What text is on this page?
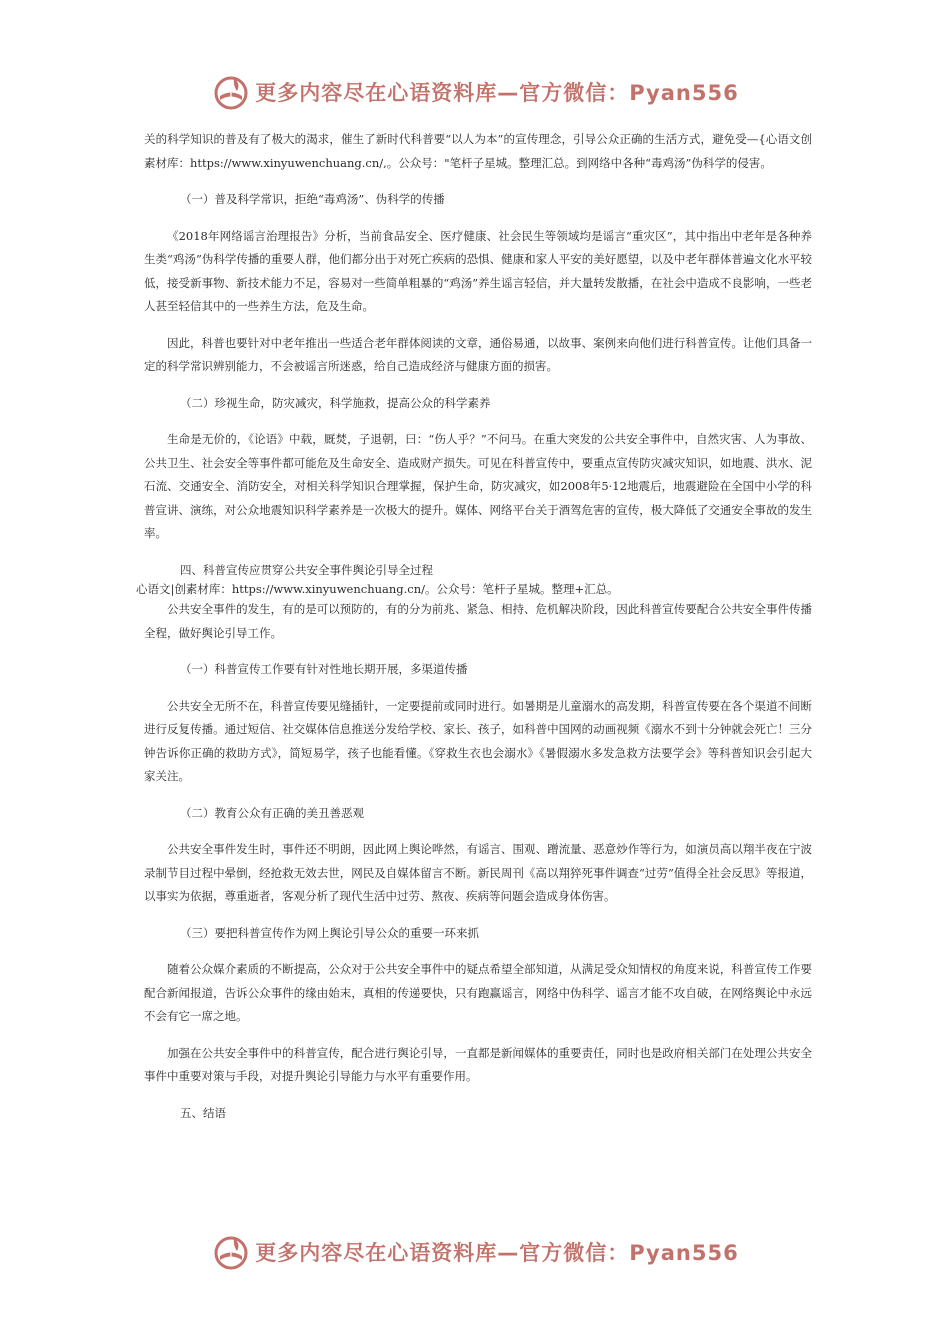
更多内容尽在心语资料库—官方微信：Pyan556

关的科学知识的普及有了极大的渴求，催生了新时代科普要“以人为本”的宣传理念，引导公众正确的生活方式，避免受—{心语文创素材库：https://www.xinyuwenchuang.cn/,。公众号："笔杆子星城。整理汇总。到网络中各种“毒鸡汤”伪科学的侵害。

（一）普及科学常识，拒绝“毒鸡汤”、伪科学的传播

《2018年网络谣言治理报告》分析，当前食品安全、医疗健康、社会民生等领域均是谣言“重灾区”，其中指出中老年是各种养生类“鸡汤”伪科学传播的重要人群，他们都分出于对死亡疾病的恐惧、健康和家人平安的美好愿望，以及中老年群体普遍文化水平较低，接受新事物、新技术能力不足，容易对一些简单粗暴的“鸡汤”养生谣言轻信，并大量转发散播，在社会中造成不良影响，一些老人甚至轻信其中的一些养生方法，危及生命。

因此，科普也要针对中老年推出一些适合老年群体阅读的文章，通俗易通，以故事、案例来向他们进行科普宣传。让他们具备一定的科学常识辨别能力，不会被谣言所迷惑，给自己造成经济与健康方面的损害。

（二）珍视生命，防灾减灾，科学施救，提高公众的科学素养

生命是无价的，《论语》中载，厩焚，子退朝，曰：“伤人乎？”不问马。在重大突发的公共安全事件中，自然灾害、人为事故、公共卫生、社会安全等事件都可能危及生命安全、造成财产损失。可见在科普宣传中，要重点宣传防灾减灾知识，如地震、洪水、泥石流、交通安全、消防安全，对相关科学知识合理掌握，保护生命，防灾减灾，如2008年5·12地震后，地震避险在全国中小学的科普宣讲、演练，对公众地震知识科学素养是一次极大的提升。媒体、网络平台关于酒驾危害的宣传，极大降低了交通安全事故的发生率。

四、科普宣传应贯穿公共安全事件舆论引导全过程

心语文|创素材库：https://www.xinyuwenchuang.cn/。公众号：笔杆子星城。整理+汇总。

公共安全事件的发生，有的是可以预防的，有的分为前兆、紧急、相持、危机解决阶段，因此科普宣传要配合公共安全事件传播全程，做好舆论引导工作。

（一）科普宣传工作要有针对性地长期开展，多渠道传播

公共安全无所不在，科普宣传要见缝插针，一定要提前或同时进行。如暑期是儿童溺水的高发期，科普宣传要在各个渠道不间断进行反复传播。通过短信、社交媒体信息推送分发给学校、家长、孩子，如科普中国网的动画视频《溺水不到十分钟就会死亡！三分钟告诉你正确的救助方式》，简短易学，孩子也能看懂。《穿救生衣也会溺水》《暑假溺水多发急救方法要学会》等科普知识会引起大家关注。

（二）教育公众有正确的美丑善恶观

公共安全事件发生时，事件还不明朗，因此网上舆论哗然，有谣言、围观、蹭流量、恶意炒作等行为，如演员高以翔半夜在宁波录制节目过程中晕倒，经抢救无效去世，网民及自媒体留言不断。新民周刊《高以翔猝死事件调查“过劳”值得全社会反思》等报道，以事实为依据，尊重逝者，客观分析了现代生活中过劳、熬夜、疾病等问题会造成身体伤害。

（三）要把科普宣传作为网上舆论引导公众的重要一环来抓

随着公众媒介素质的不断提高，公众对于公共安全事件中的疑点希望全部知道，从满足受众知情权的角度来说，科普宣传工作要配合新闻报道，告诉公众事件的缘由始末，真相的传递要快，只有跑赢谣言，网络中伪科学、谣言才能不攻自破，在网络舆论中永远不会有它一席之地。

加强在公共安全事件中的科普宣传，配合进行舆论引导，一直都是新闻媒体的重要责任，同时也是政府相关部门在处理公共安全事件中重要对策与手段，对提升舆论引导能力与水平有重要作用。

五、结语

更多内容尽在心语资料库—官方微信：Pyan556
